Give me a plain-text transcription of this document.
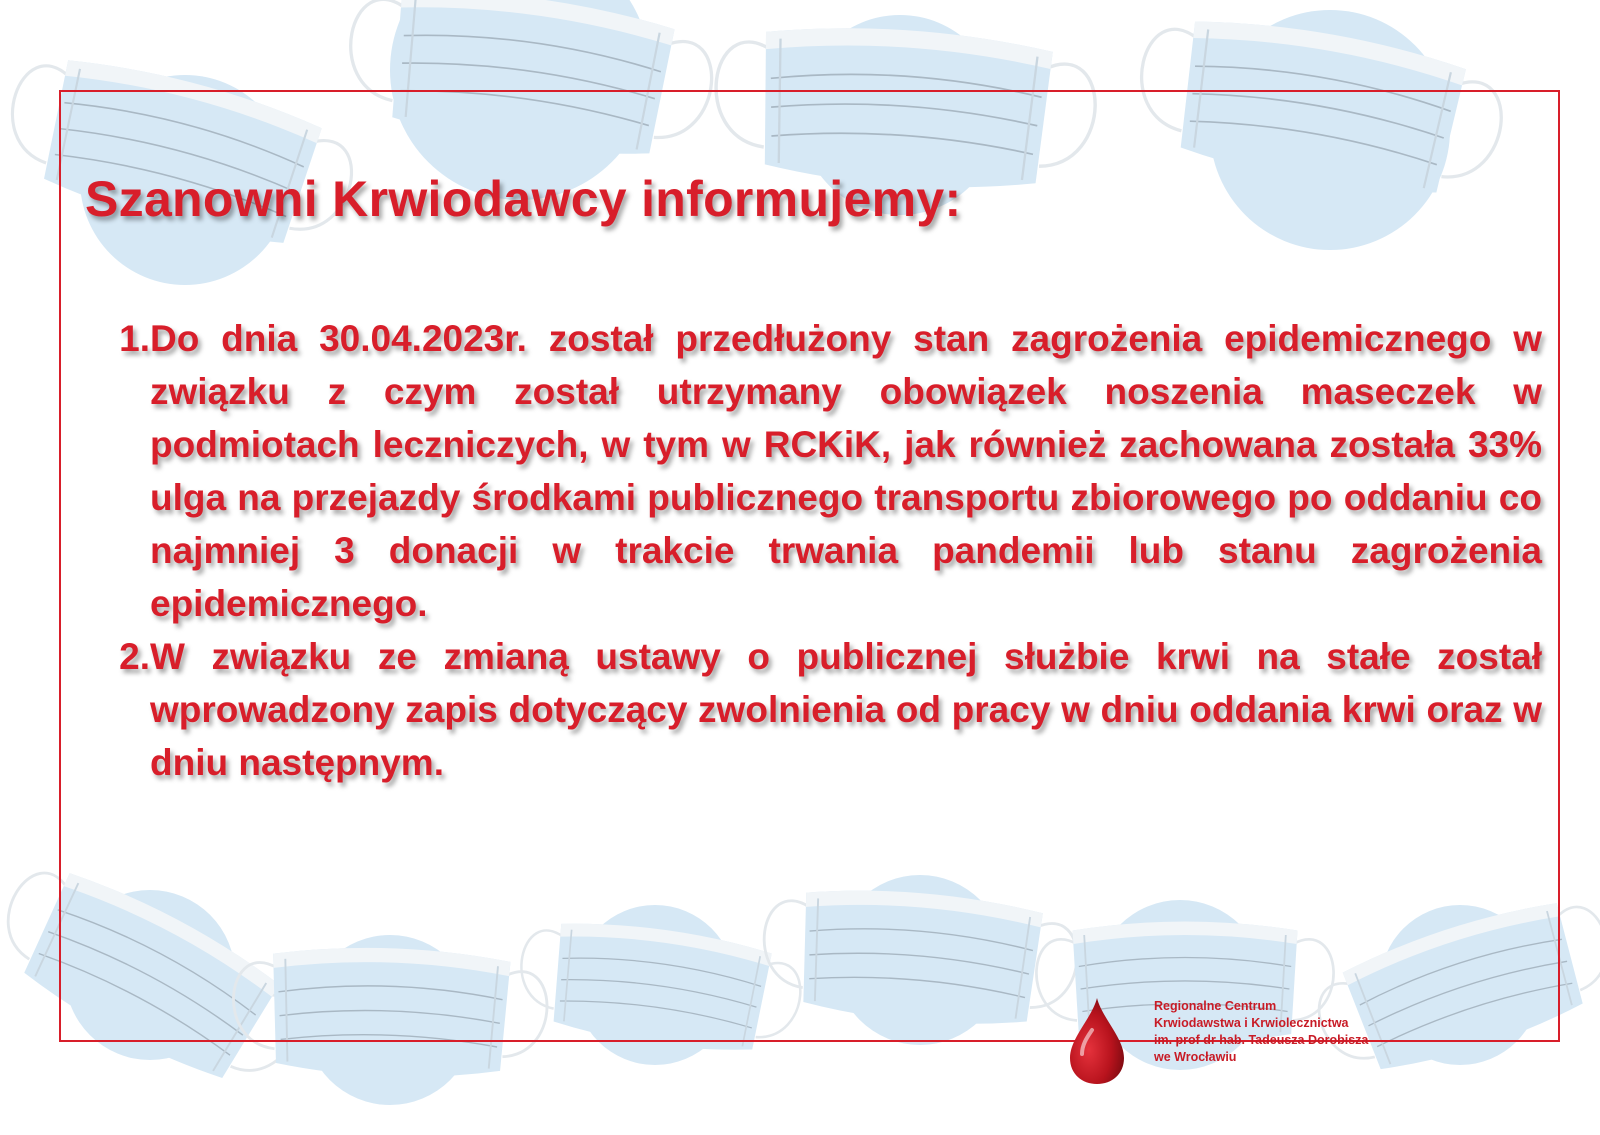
Szanowni Krwiodawcy informujemy:
1. Do dnia 30.04.2023r. został przedłużony stan zagrożenia epidemicznego w związku z czym został utrzymany obowiązek noszenia maseczek w podmiotach leczniczych, w tym w RCKiK, jak również zachowana została 33% ulga na przejazdy środkami publicznego transportu zbiorowego po oddaniu co najmniej 3 donacji w trakcie trwania pandemii lub stanu zagrożenia epidemicznego.
2. W związku ze zmianą ustawy o publicznej służbie krwi na stałe został wprowadzony zapis dotyczący zwolnienia od pracy w dniu oddania krwi oraz w dniu następnym.
Regionalne Centrum
Krwiodawstwa i Krwiolecznictwa
im. prof dr hab. Tadeusza Dorobisza
we Wrocławiu
